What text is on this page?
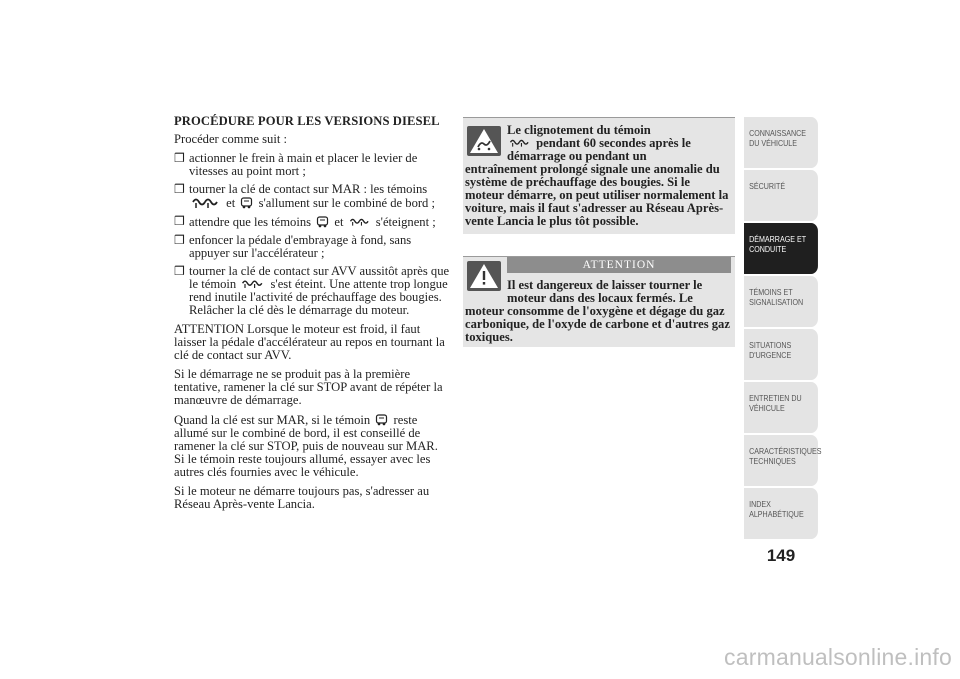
PROCÉDURE POUR LES VERSIONS DIESEL

Procéder comme suit :

❒ actionner le frein à main et placer le levier de vitesses au point mort ;
❒ tourner la clé de contact sur MAR : les témoins

et s'allument sur le combiné de bord ;
❒ attendre que les témoins et	s'éteignent ;
❒ enfoncer la pédale d'embrayage à fond, sans appuyer sur l'accélérateur ;
❒ tourner la clé de contact sur AVV aussitôt après que le témoin	s'est éteint. Une attente trop longue rend inutile l'activité de préchauffage des bougies. Relâcher la clé dès le démarrage du moteur.

ATTENTION Lorsque le moteur est froid, il faut laisser la pédale d'accélérateur au repos en tournant la clé de contact sur AVV.

Si le démarrage ne se produit pas à la première tentative, ramener la clé sur STOP avant de répéter la manœuvre de démarrage.

Quand la clé est sur MAR, si le témoin reste allumé sur le combiné de bord, il est conseillé de ramener la clé sur STOP, puis de nouveau sur MAR. Si le témoin reste toujours allumé, essayer avec les autres clés fournies avec le véhicule.

Si le moteur ne démarre toujours pas, s'adresser au Réseau Après-vente Lancia.

Le clignotement du témoin
pendant 60 secondes après le démarrage ou pendant un
entraînement prolongé signale une anomalie du système de préchauffage des bougies. Si le moteur démarre, on peut utiliser normalement la voiture, mais il faut s'adresser au Réseau Après-vente Lancia le plus tôt possible.
ATTENTION
Il est dangereux de laisser tourner le moteur dans des locaux fermés. Le
moteur consomme de l'oxygène et dégage du gaz carbonique, de l'oxyde de carbone et d'autres gaz toxiques.
CONNAISSANCE DU VÉHICULE
SÉCURITÉ
DÉMARRAGE ET CONDUITE
TÉMOINS ET SIGNALISATION
SITUATIONS D'URGENCE
ENTRETIEN DU VÉHICULE
CARACTÉRISTIQUES TECHNIQUES
INDEX ALPHABÉTIQUE
149
carmanualsonline.info
